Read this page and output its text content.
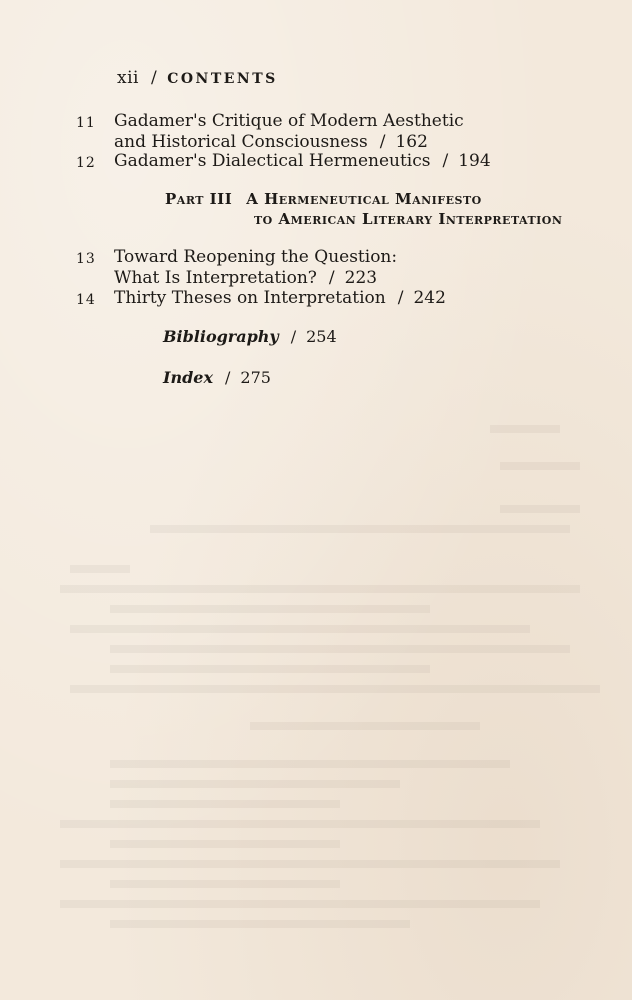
xii / CONTENTS
11 Gadamer's Critique of Modern Aesthetic
and Historical Consciousness / 162
12 Gadamer's Dialectical Hermeneutics / 194
Part III A Hermeneutical Manifesto
to American Literary Interpretation
13 Toward Reopening the Question:
What Is Interpretation? / 223
14 Thirty Theses on Interpretation / 242
Bibliography / 254
Index / 275
